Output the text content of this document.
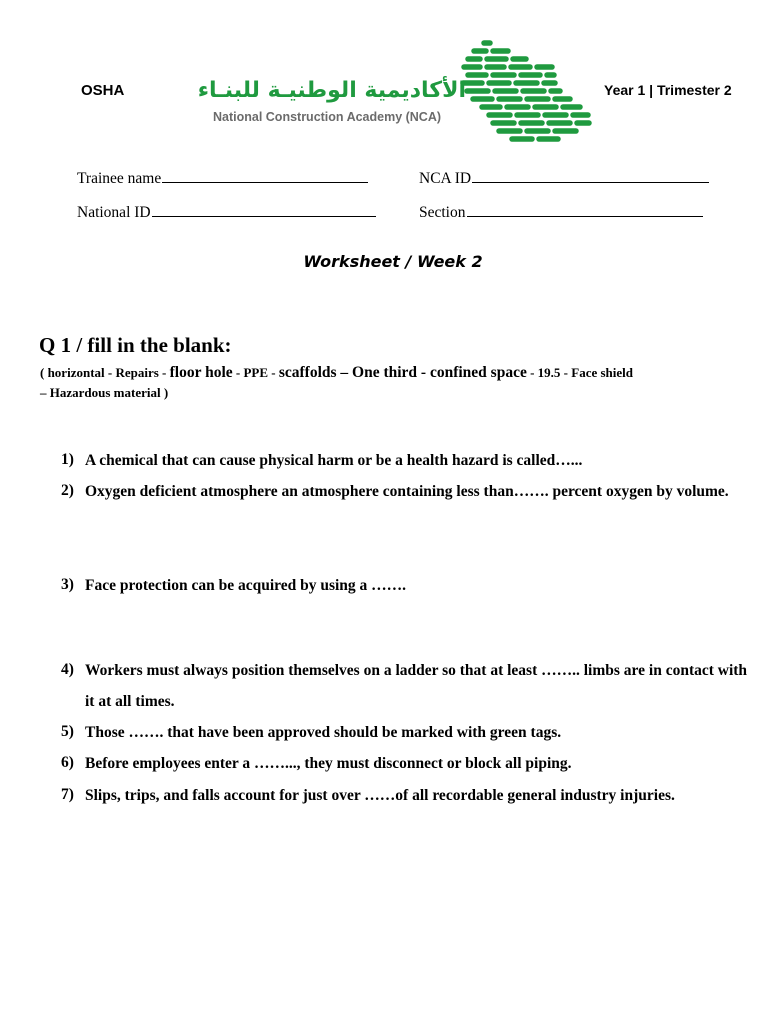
OSHA	الأكاديمية الوطنيـة للبنـاء
National Construction Academy (NCA)
Year 1 | Trimester 2
Trainee name	NCA ID
National ID	Section
Worksheet / Week 2
Q 1 / fill in the blank:
( horizontal - Repairs - floor hole - PPE - scaffolds – One third - confined space - 19.5 - Face shield
– Hazardous material )
1) A chemical that can cause physical harm or be a health hazard is called…...
2) Oxygen deficient atmosphere an atmosphere containing less than……. percent oxygen by volume.
3) Face protection can be acquired by using a …….
4) Workers must always position themselves on a ladder so that at least …….. limbs are in contact with it at all times.
5) Those ……. that have been approved should be marked with green tags.
6) Before employees enter a ……..., they must disconnect or block all piping.
7) Slips, trips, and falls account for just over ……of all recordable general industry injuries.
